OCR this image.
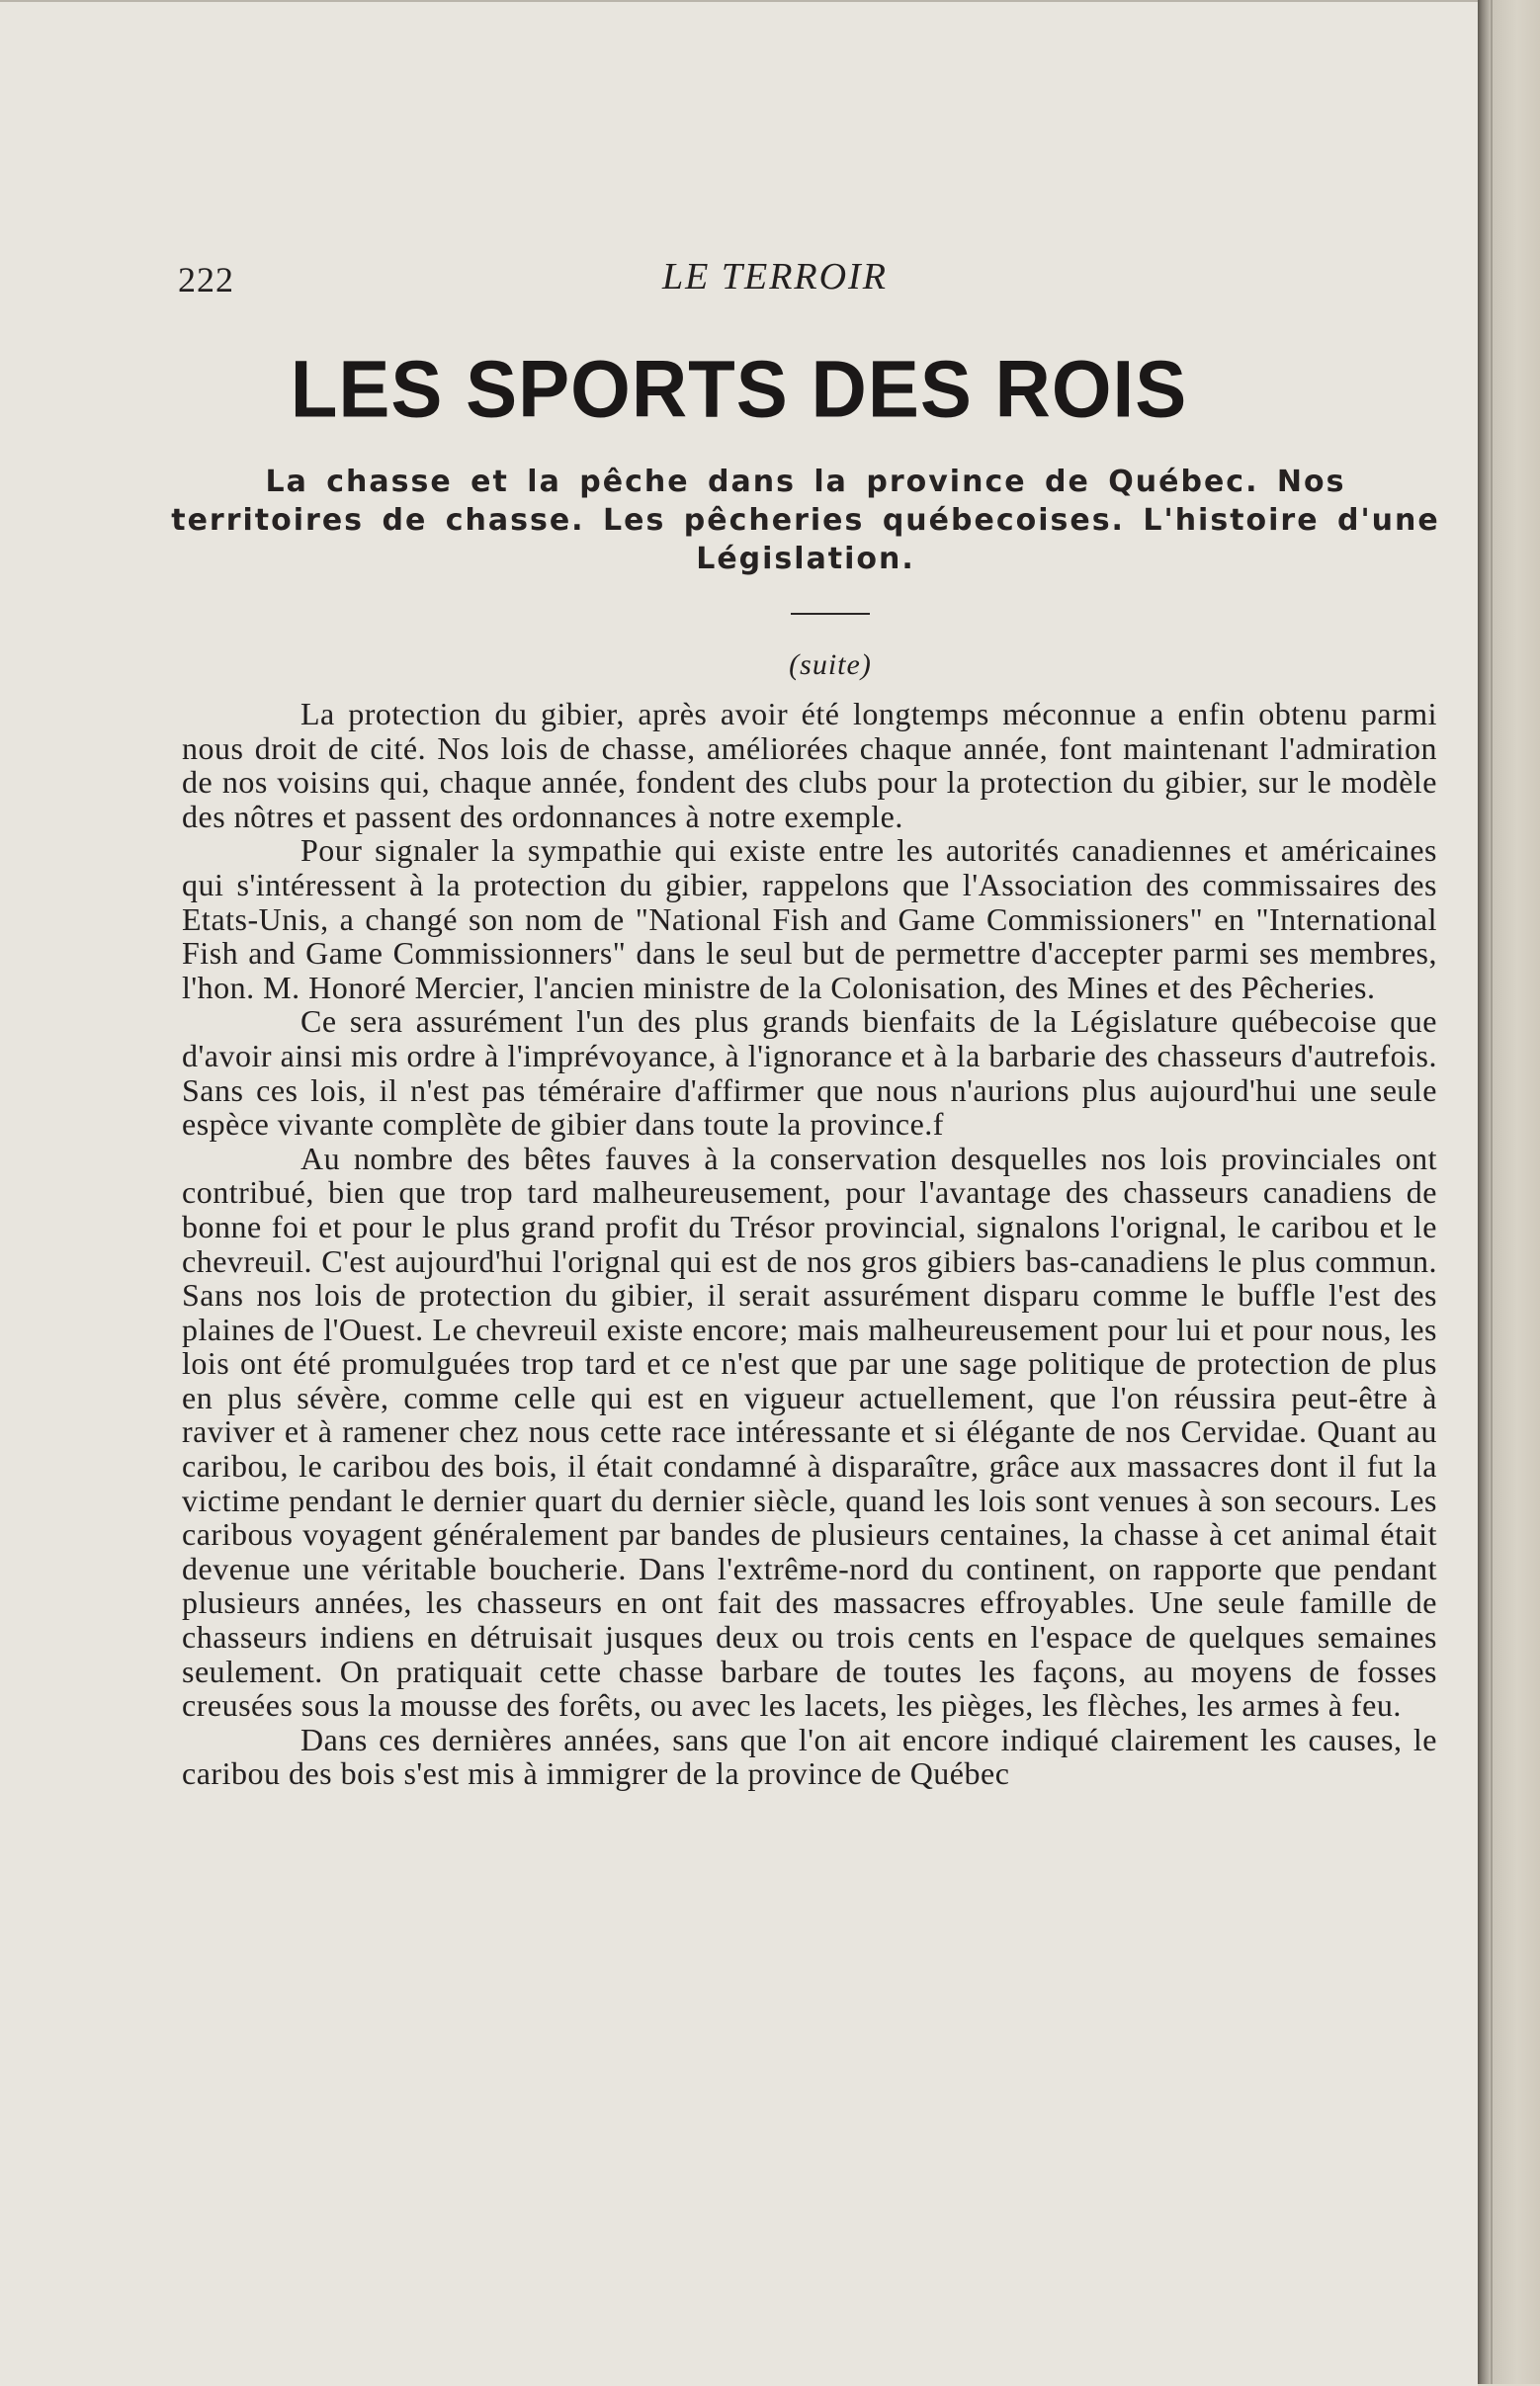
222	LE TERROIR
LES SPORTS DES ROIS
La chasse et la pêche dans la province de Québec. Nos territoires de chasse. Les pêcheries québecoises. L'histoire d'une Législation.
(suite)

La protection du gibier, après avoir été longtemps méconnue a enfin obtenu parmi nous droit de cité. Nos lois de chasse, améliorées chaque année, font maintenant l'admiration de nos voisins qui, chaque année, fondent des clubs pour la protection du gibier, sur le modèle des nôtres et passent des ordonnances à notre exemple.

Pour signaler la sympathie qui existe entre les autorités canadiennes et américaines qui s'intéressent à la protection du gibier, rappelons que l'Association des commissaires des Etats-Unis, a changé son nom de "National Fish and Game Commissioners" en "International Fish and Game Commissionners" dans le seul but de permettre d'accepter parmi ses membres, l'hon. M. Honoré Mercier, l'ancien ministre de la Colonisation, des Mines et des Pêcheries.

Ce sera assurément l'un des plus grands bienfaits de la Législature québecoise que d'avoir ainsi mis ordre à l'imprévoyance, à l'ignorance et à la barbarie des chasseurs d'autrefois. Sans ces lois, il n'est pas téméraire d'affirmer que nous n'aurions plus aujourd'hui une seule espèce vivante complète de gibier dans toute la province.f

Au nombre des bêtes fauves à la conservation desquelles nos lois provinciales ont contribué, bien que trop tard malheureusement, pour l'avantage des chasseurs canadiens de bonne foi et pour le plus grand profit du Trésor provincial, signalons l'orignal, le caribou et le chevreuil. C'est aujourd'hui l'orignal qui est de nos gros gibiers bas-canadiens le plus commun. Sans nos lois de protection du gibier, il serait assurément disparu comme le buffle l'est des plaines de l'Ouest. Le chevreuil existe encore; mais malheureusement pour lui et pour nous, les lois ont été promulguées trop tard et ce n'est que par une sage politique de protection de plus en plus sévère, comme celle qui est en vigueur actuellement, que l'on réussira peut-être à raviver et à ramener chez nous cette race intéressante et si élégante de nos Cervidae. Quant au caribou, le caribou des bois, il était condamné à disparaître, grâce aux massacres dont il fut la victime pendant le dernier quart du dernier siècle, quand les lois sont venues à son secours. Les caribous voyagent généralement par bandes de plusieurs centaines, la chasse à cet animal était devenue une véritable boucherie. Dans l'extrême-nord du continent, on rapporte que pendant plusieurs années, les chasseurs en ont fait des massacres effroyables. Une seule famille de chasseurs indiens en détruisait jusques deux ou trois cents en l'espace de quelques semaines seulement. On pratiquait cette chasse barbare de toutes les façons, au moyens de fosses creusées sous la mousse des forêts, ou avec les lacets, les pièges, les flèches, les armes à feu.

Dans ces dernières années, sans que l'on ait encore indiqué clairement les causes, le caribou des bois s'est mis à immigrer de la province de Québec
